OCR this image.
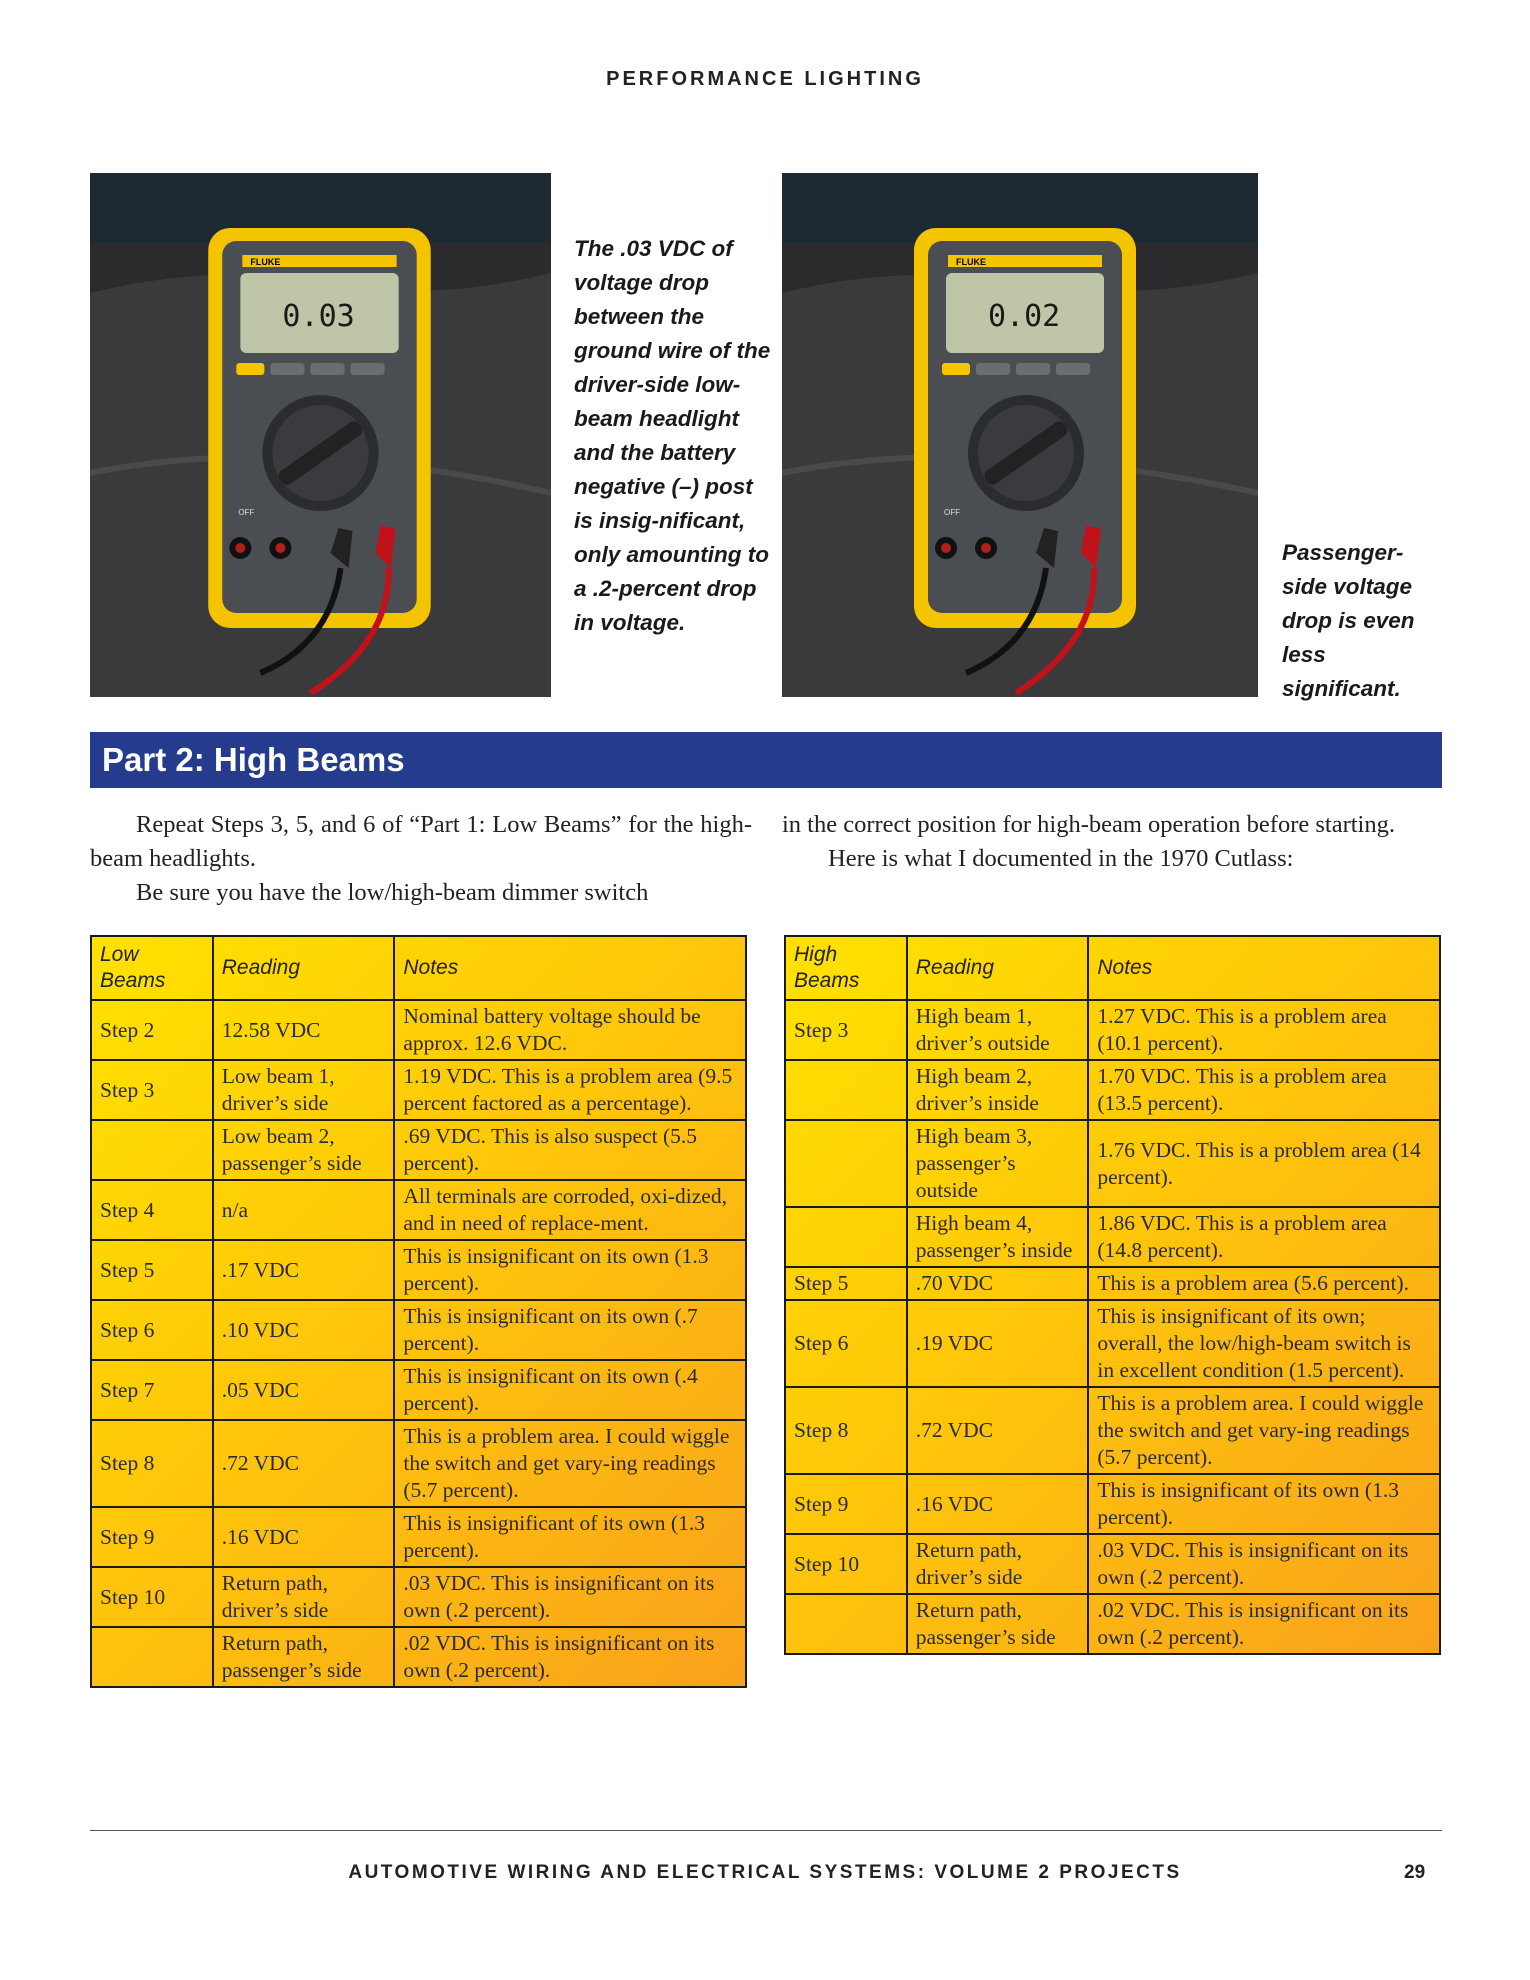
PERFORMANCE LIGHTING
FLUKE
0.03
OFF
The .03 VDC of voltage drop between the ground wire of the driver-side low-beam headlight and the battery negative (–) post is insig-nificant, only amounting to a .2-percent drop in voltage.
FLUKE
0.02
OFF
Passenger-side voltage drop is even less significant.
Part 2: High Beams

Repeat Steps 3, 5, and 6 of “Part 1: Low Beams” for the high-beam headlights.

Be sure you have the low/high-beam dimmer switch

in the correct position for high-beam operation before starting.

Here is what I documented in the 1970 Cutlass:

Low Beams	Reading	Notes
Step 2	12.58 VDC	Nominal battery voltage should be approx. 12.6 VDC.
Step 3	Low beam 1, driver’s side	1.19 VDC. This is a problem area (9.5 percent factored as a percentage).
	Low beam 2, passenger’s side	.69 VDC. This is also suspect (5.5 percent).
Step 4	n/a	All terminals are corroded, oxi-dized, and in need of replace-ment.
Step 5	.17 VDC	This is insignificant on its own (1.3 percent).
Step 6	.10 VDC	This is insignificant on its own (.7 percent).
Step 7	.05 VDC	This is insignificant on its own (.4 percent).
Step 8	.72 VDC	This is a problem area. I could wiggle the switch and get vary-ing readings (5.7 percent).
Step 9	.16 VDC	This is insignificant of its own (1.3 percent).
Step 10	Return path, driver’s side	.03 VDC. This is insignificant on its own (.2 percent).
	Return path, passenger’s side	.02 VDC. This is insignificant on its own (.2 percent).
High Beams	Reading	Notes
Step 3	High beam 1, driver’s outside	1.27 VDC. This is a problem area (10.1 percent).
	High beam 2, driver’s inside	1.70 VDC. This is a problem area (13.5 percent).
	High beam 3, passenger’s outside	1.76 VDC. This is a problem area (14 percent).
	High beam 4, passenger’s inside	1.86 VDC. This is a problem area (14.8 percent).
Step 5	.70 VDC	This is a problem area (5.6 percent).
Step 6	.19 VDC	This is insignificant of its own; overall, the low/high-beam switch is in excellent condition (1.5 percent).
Step 8	.72 VDC	This is a problem area. I could wiggle the switch and get vary-ing readings (5.7 percent).
Step 9	.16 VDC	This is insignificant of its own (1.3 percent).
Step 10	Return path, driver’s side	.03 VDC. This is insignificant on its own (.2 percent).
	Return path, passenger’s side	.02 VDC. This is insignificant on its own (.2 percent).
AUTOMOTIVE WIRING AND ELECTRICAL SYSTEMS: VOLUME 2 PROJECTS	29
